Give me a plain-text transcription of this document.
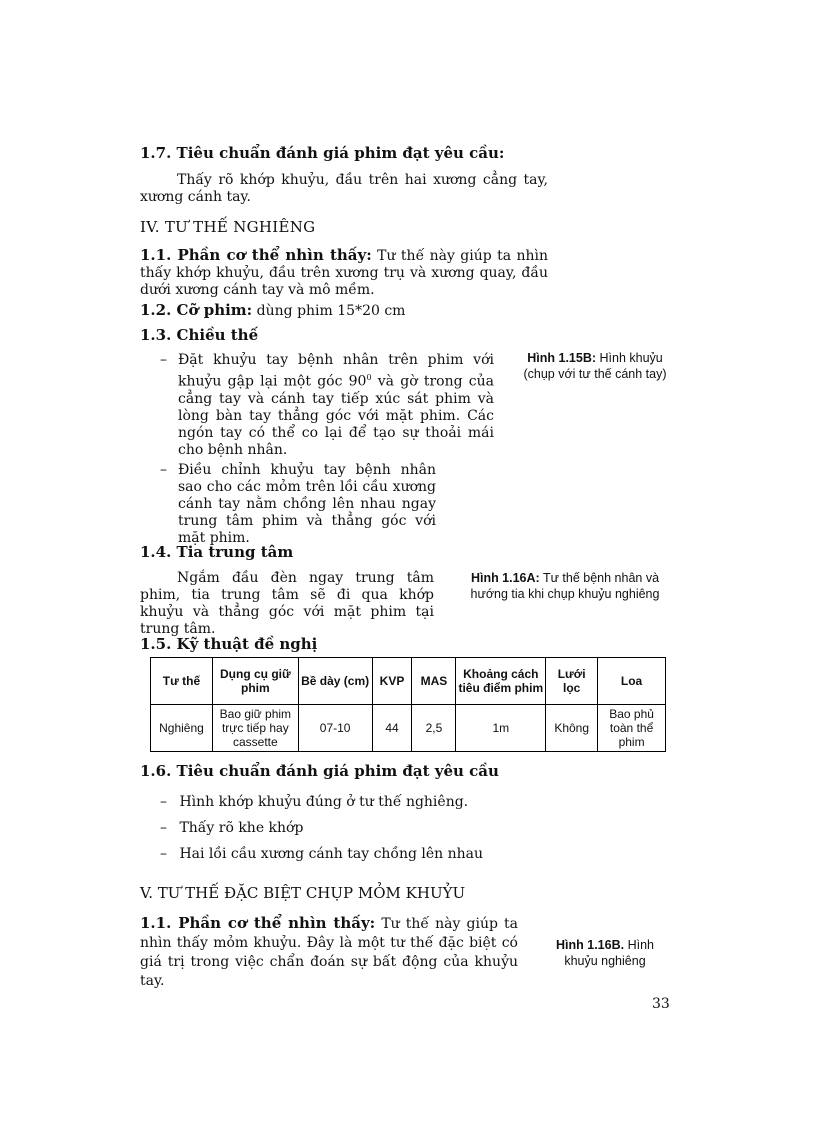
1.7. Tiêu chuẩn đánh giá phim đạt yêu cầu:
Thấy rõ khớp khuỷu, đầu trên hai xương cẳng tay, xương cánh tay.
IV. TƯ THẾ NGHIÊNG
1.1. Phần cơ thể nhìn thấy: Tư thế này giúp ta nhìn thấy khớp khuỷu, đầu trên xương trụ và xương quay, đầu dưới xương cánh tay và mô mềm.
1.2. Cỡ phim: dùng phim 15*20 cm
1.3. Chiều thế
– Đặt khuỷu tay bệnh nhân trên phim với khuỷu gập lại một góc $90^0$ và gờ trong của cẳng tay và cánh tay tiếp xúc sát phim và lòng bàn tay thẳng góc với mặt phim. Các ngón tay có thể co lại để tạo sự thoải mái cho bệnh nhân.
– Điều chỉnh khuỷu tay bệnh nhân sao cho các mỏm trên lồi cầu xương cánh tay nằm chồng lên nhau ngay trung tâm phim và thẳng góc với mặt phim.
Hình 1.15B: Hình khuỷu
(chụp với tư thế cánh tay)
1.4. Tia trung tâm
Ngắm đầu đèn ngay trung tâm phim, tia trung tâm sẽ đi qua khớp khuỷu và thẳng góc với mặt phim tại trung tâm.
Hình 1.16A: Tư thế bệnh nhân và
hướng tia khi chụp khuỷu nghiêng
1.5. Kỹ thuật đề nghị
Tư thế	Dụng cụ giữ phim	Bề dày (cm)	KVP	MAS	Khoảng cách tiêu điểm phim	Lưới lọc	Loa
Nghiêng	Bao giữ phim trực tiếp hay cassette	07-10	44	2,5	1m	Không	Bao phủ toàn thể phim
1.6. Tiêu chuẩn đánh giá phim đạt yêu cầu
– Hình khớp khuỷu đúng ở tư thế nghiêng.
– Thấy rõ khe khớp
– Hai lồi cầu xương cánh tay chồng lên nhau
V. TƯ THẾ ĐẶC BIỆT CHỤP MỎM KHUỶU
1.1. Phần cơ thể nhìn thấy: Tư thế này giúp ta nhìn thấy mỏm khuỷu. Đây là một tư thế đặc biệt có giá trị trong việc chẩn đoán sự bất động của khuỷu tay.
Hình 1.16B. Hình
khuỷu nghiêng
33
